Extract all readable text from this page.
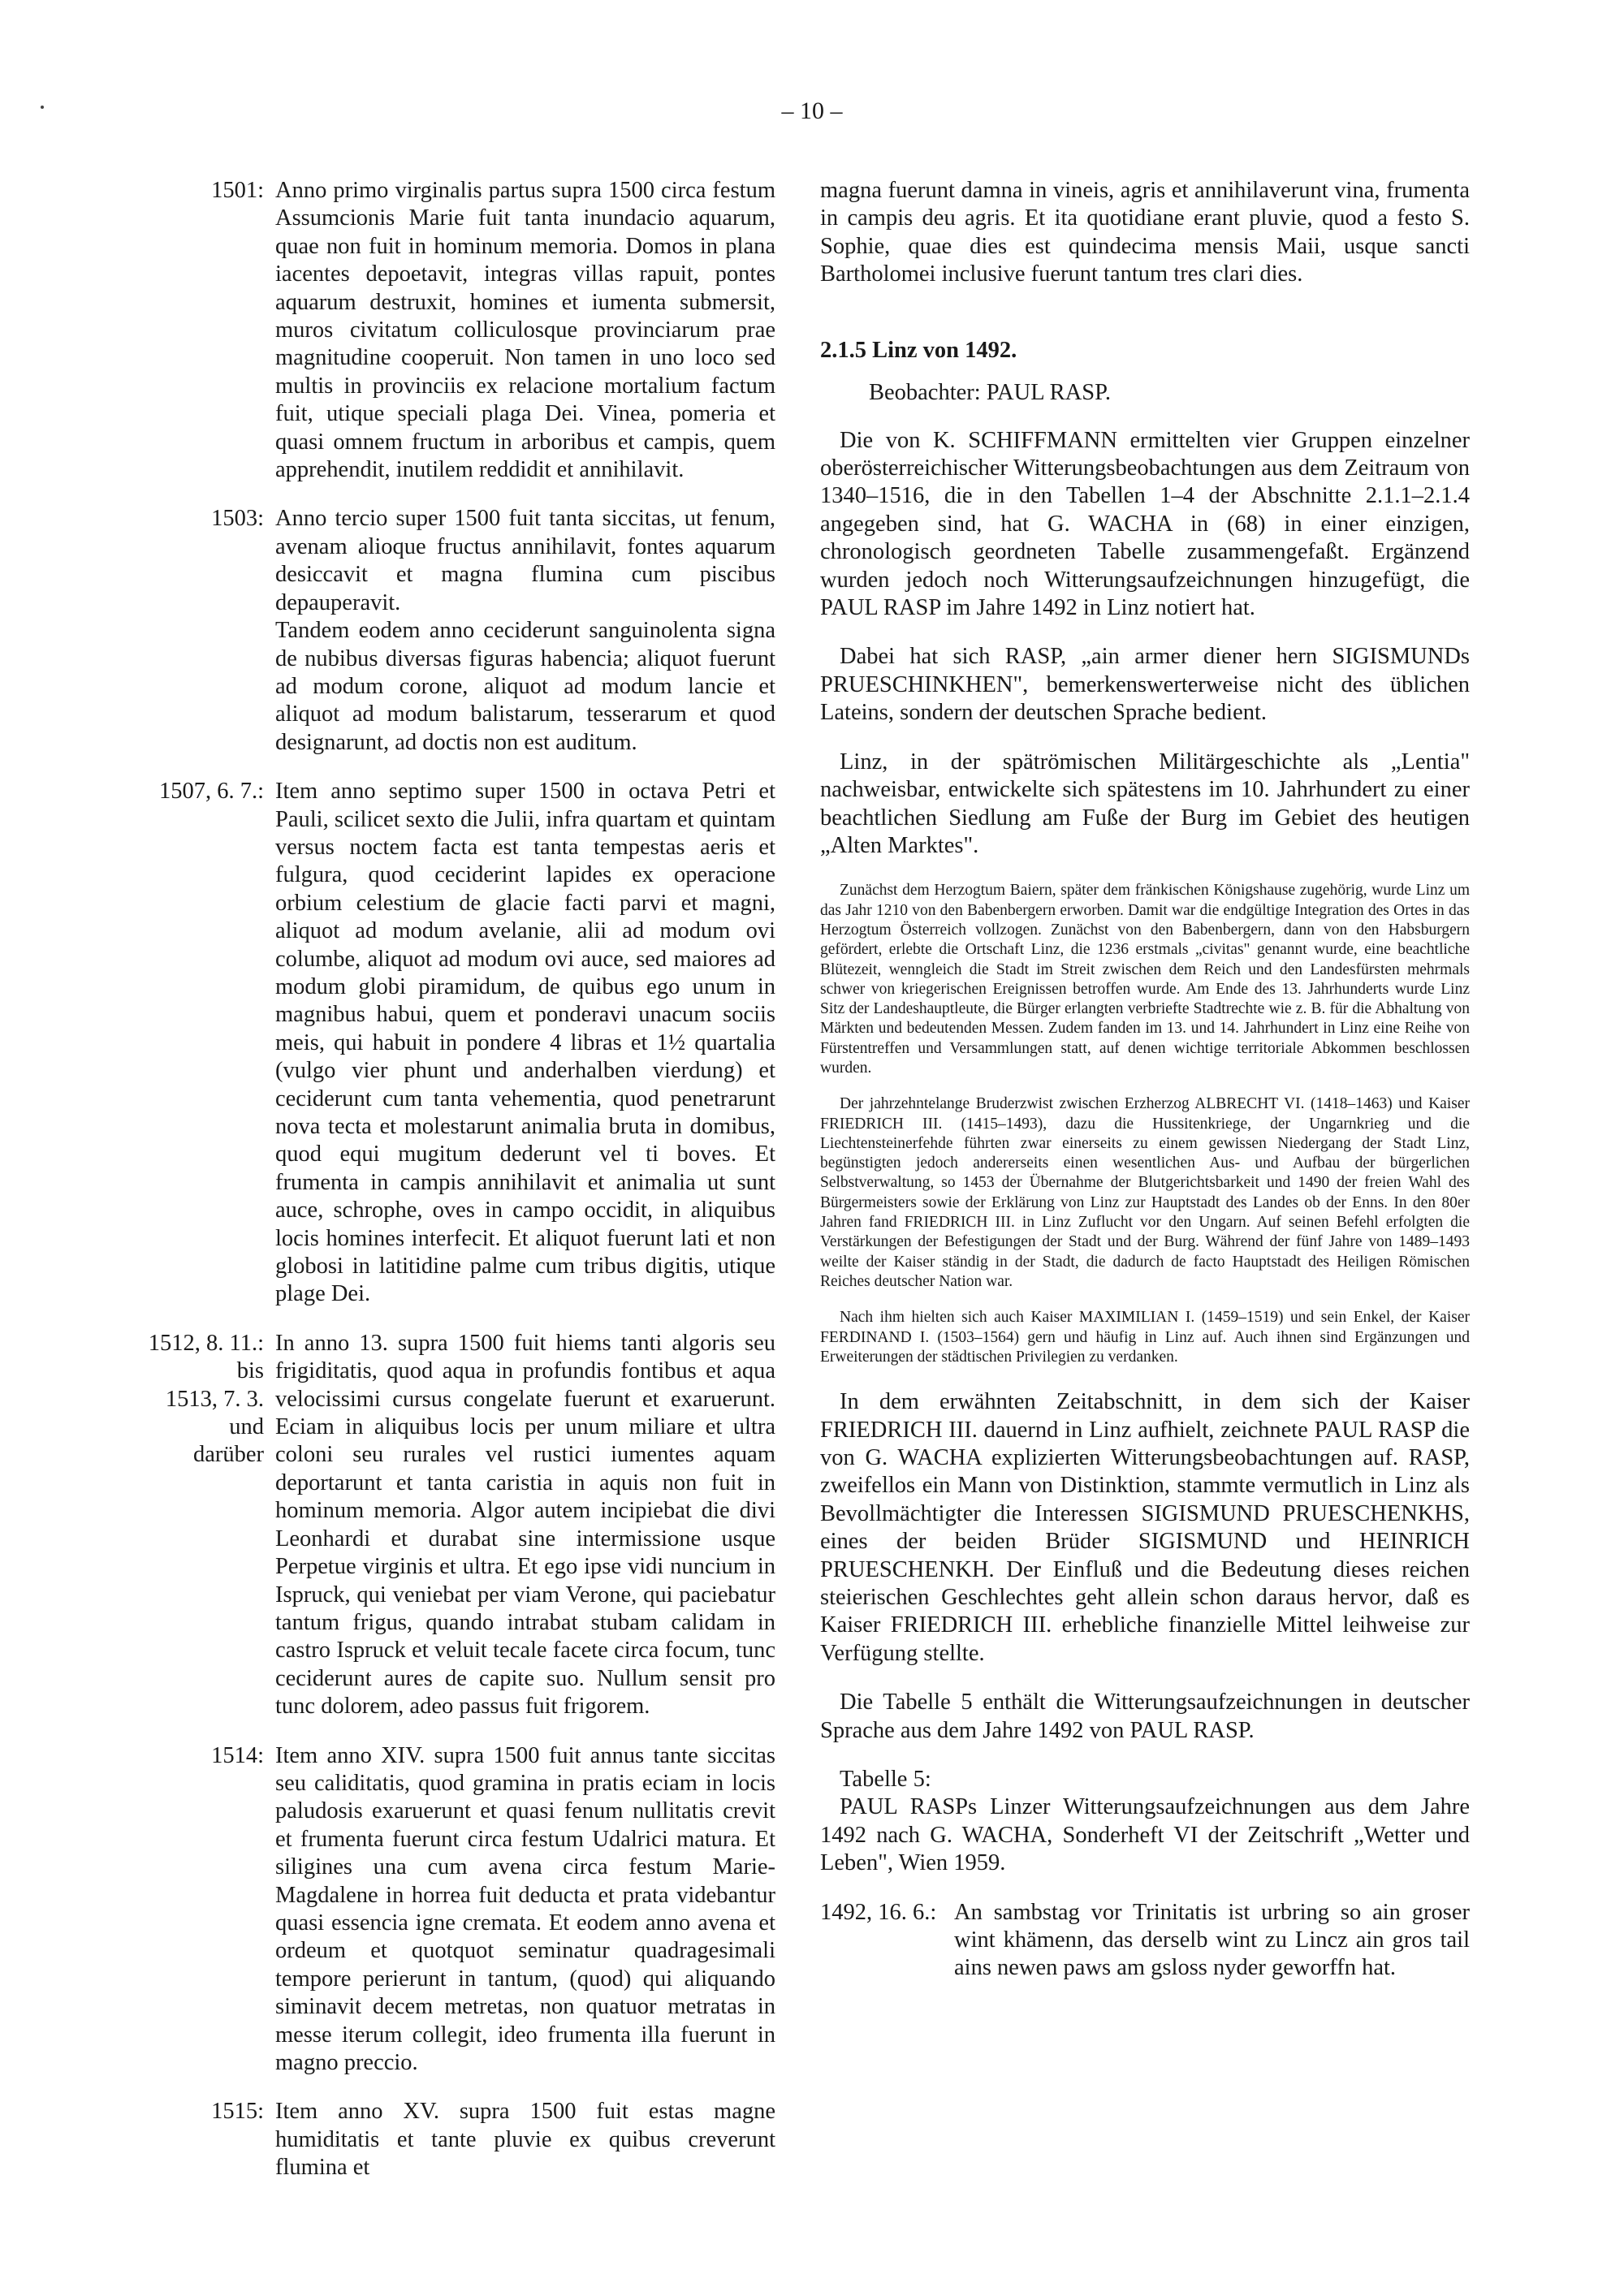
– 10 –
1501: Anno primo virginalis partus supra 1500 circa festum Assumcionis Marie fuit tanta inundacio aquarum, quae non fuit in hominum memoria. Domos in plana iacentes depoetavit, integras villas rapuit, pontes aquarum destruxit, homines et iumenta submersit, muros civitatum colliculosque provinciarum prae magnitudine cooperuit. Non tamen in uno loco sed multis in provinciis ex relacione mortalium factum fuit, utique speciali plaga Dei. Vinea, pomeria et quasi omnem fructum in arboribus et campis, quem apprehendit, inutilem reddidit et annihilavit.

1503: Anno tercio super 1500 fuit tanta siccitas, ut fenum, avenam alioque fructus annihilavit, fontes aquarum desiccavit et magna flumina cum piscibus depauperavit.

Tandem eodem anno ceciderunt sanguinolenta signa de nubibus diversas figuras habencia; aliquot fuerunt ad modum corone, aliquot ad modum lancie et aliquot ad modum balistarum, tesserarum et quod designarunt, ad doctis non est auditum.

1507, 6. 7.: Item anno septimo super 1500 in octava Petri et Pauli, scilicet sexto die Julii, infra quartam et quintam versus noctem facta est tanta tempestas aeris et fulgura, quod ceciderint lapides ex operacione orbium celestium de glacie facti parvi et magni, aliquot ad modum avelanie, alii ad modum ovi columbe, aliquot ad modum ovi auce, sed maiores ad modum globi piramidum, de quibus ego unum in magnibus habui, quem et ponderavi unacum sociis meis, qui habuit in pondere 4 libras et 1½ quartalia (vulgo vier phunt und anderhalben vierdung) et ceciderunt cum tanta vehementia, quod penetrarunt nova tecta et molestarunt animalia bruta in domibus, quod equi mugitum dederunt vel ti boves. Et frumenta in campis annihilavit et animalia ut sunt auce, schrophe, oves in campo occidit, in aliquibus locis homines interfecit. Et aliquot fuerunt lati et non globosi in latitidine palme cum tribus digitis, utique plage Dei.

1512, 8. 11.:
bis
1513, 7. 3.
und
darüber

In anno 13. supra 1500 fuit hiems tanti algoris seu frigiditatis, quod aqua in profundis fontibus et aqua velocissimi cursus congelate fuerunt et exaruerunt. Eciam in aliquibus locis per unum miliare et ultra coloni seu rurales vel rustici iumentes aquam deportarunt et tanta caristia in aquis non fuit in hominum memoria. Algor autem incipiebat die divi Leonhardi et durabat sine intermissione usque Perpetue virginis et ultra. Et ego ipse vidi nuncium in Ispruck, qui veniebat per viam Verone, qui paciebatur tantum frigus, quando intrabat stubam calidam in castro Ispruck et veluit tecale facete circa focum, tunc ceciderunt aures de capite suo. Nullum sensit pro tunc dolorem, adeo passus fuit frigorem.

1514: Item anno XIV. supra 1500 fuit annus tante siccitas seu caliditatis, quod gramina in pratis eciam in locis paludosis exaruerunt et quasi fenum nullitatis crevit et frumenta fuerunt circa festum Udalrici matura. Et siligines una cum avena circa festum Marie-Magdalene in horrea fuit deducta et prata videbantur quasi essencia igne cremata. Et eodem anno avena et ordeum et quotquot seminatur quadragesimali tempore perierunt in tantum, (quod) qui aliquando siminavit decem metretas, non quatuor metratas in messe iterum collegit, ideo frumenta illa fuerunt in magno preccio.

1515: Item anno XV. supra 1500 fuit estas magne humiditatis et tante pluvie ex quibus creverunt flumina et

magna fuerunt damna in vineis, agris et annihilaverunt vina, frumenta in campis deu agris. Et ita quotidiane erant pluvie, quod a festo S. Sophie, quae dies est quindecima mensis Maii, usque sancti Bartholomei inclusive fuerunt tantum tres clari dies.

2.1.5 Linz von 1492.
Beobachter: PAUL RASP.

Die von K. SCHIFFMANN ermittelten vier Gruppen einzelner oberösterreichischer Witterungsbeobachtungen aus dem Zeitraum von 1340–1516, die in den Tabellen 1–4 der Abschnitte 2.1.1–2.1.4 angegeben sind, hat G. WACHA in (68) in einer einzigen, chronologisch geordneten Tabelle zusammengefaßt. Ergänzend wurden jedoch noch Witterungsaufzeichnungen hinzugefügt, die PAUL RASP im Jahre 1492 in Linz notiert hat.

Dabei hat sich RASP, „ain armer diener hern SIGISMUNDs PRUESCHINKHEN", bemerkenswerterweise nicht des üblichen Lateins, sondern der deutschen Sprache bedient.

Linz, in der spätrömischen Militärgeschichte als „Lentia" nachweisbar, entwickelte sich spätestens im 10. Jahrhundert zu einer beachtlichen Siedlung am Fuße der Burg im Gebiet des heutigen „Alten Marktes".

Zunächst dem Herzogtum Baiern, später dem fränkischen Königshause zugehörig, wurde Linz um das Jahr 1210 von den Babenbergern erworben. Damit war die endgültige Integration des Ortes in das Herzogtum Österreich vollzogen. Zunächst von den Babenbergern, dann von den Habsburgern gefördert, erlebte die Ortschaft Linz, die 1236 erstmals „civitas" genannt wurde, eine beachtliche Blütezeit, wenngleich die Stadt im Streit zwischen dem Reich und den Landesfürsten mehrmals schwer von kriegerischen Ereignissen betroffen wurde. Am Ende des 13. Jahrhunderts wurde Linz Sitz der Landeshauptleute, die Bürger erlangten verbriefte Stadtrechte wie z. B. für die Abhaltung von Märkten und bedeutenden Messen. Zudem fanden im 13. und 14. Jahrhundert in Linz eine Reihe von Fürstentreffen und Versammlungen statt, auf denen wichtige territoriale Abkommen beschlossen wurden.

Der jahrzehntelange Bruderzwist zwischen Erzherzog ALBRECHT VI. (1418–1463) und Kaiser FRIEDRICH III. (1415–1493), dazu die Hussitenkriege, der Ungarnkrieg und die Liechtensteinerfehde führten zwar einerseits zu einem gewissen Niedergang der Stadt Linz, begünstigten jedoch andererseits einen wesentlichen Aus- und Aufbau der bürgerlichen Selbstverwaltung, so 1453 der Übernahme der Blutgerichtsbarkeit und 1490 der freien Wahl des Bürgermeisters sowie der Erklärung von Linz zur Hauptstadt des Landes ob der Enns. In den 80er Jahren fand FRIEDRICH III. in Linz Zuflucht vor den Ungarn. Auf seinen Befehl erfolgten die Verstärkungen der Befestigungen der Stadt und der Burg. Während der fünf Jahre von 1489–1493 weilte der Kaiser ständig in der Stadt, die dadurch de facto Hauptstadt des Heiligen Römischen Reiches deutscher Nation war.

Nach ihm hielten sich auch Kaiser MAXIMILIAN I. (1459–1519) und sein Enkel, der Kaiser FERDINAND I. (1503–1564) gern und häufig in Linz auf. Auch ihnen sind Ergänzungen und Erweiterungen der städtischen Privilegien zu verdanken.

In dem erwähnten Zeitabschnitt, in dem sich der Kaiser FRIEDRICH III. dauernd in Linz aufhielt, zeichnete PAUL RASP die von G. WACHA explizierten Witterungsbeobachtungen auf. RASP, zweifellos ein Mann von Distinktion, stammte vermutlich in Linz als Bevollmächtigter die Interessen SIGISMUND PRUESCHENKHS, eines der beiden Brüder SIGISMUND und HEINRICH PRUESCHENKH. Der Einfluß und die Bedeutung dieses reichen steierischen Geschlechtes geht allein schon daraus hervor, daß es Kaiser FRIEDRICH III. erhebliche finanzielle Mittel leihweise zur Verfügung stellte.

Die Tabelle 5 enthält die Witterungsaufzeichnungen in deutscher Sprache aus dem Jahre 1492 von PAUL RASP.

Tabelle 5:

PAUL RASPs Linzer Witterungsaufzeichnungen aus dem Jahre 1492 nach G. WACHA, Sonderheft VI der Zeitschrift „Wetter und Leben", Wien 1959.

1492, 16. 6.: An sambstag vor Trinitatis ist urbring so ain groser wint khämenn, das derselb wint zu Lincz ain gros tail ains newen paws am gsloss nyder geworffn hat.
